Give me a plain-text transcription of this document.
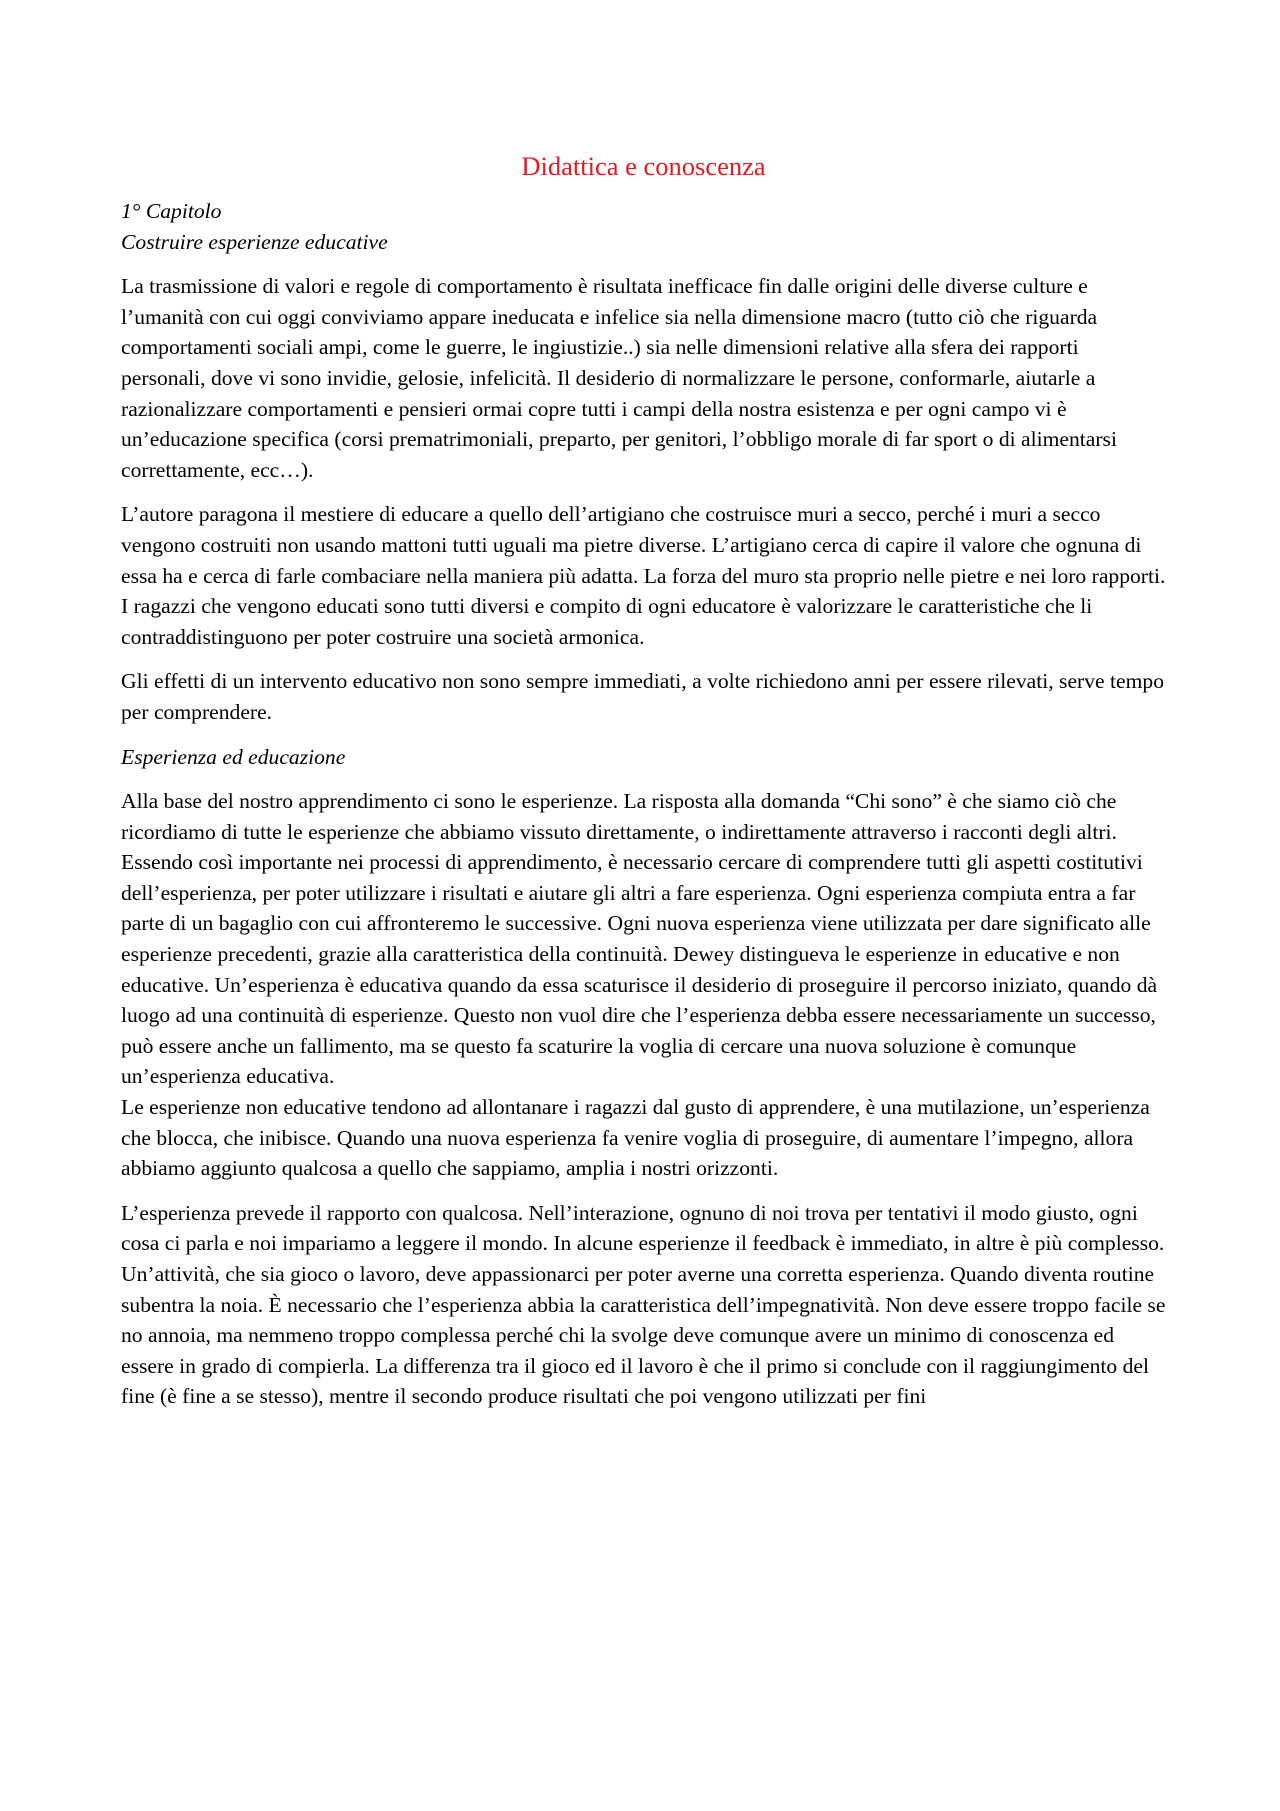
Didattica e conoscenza

1° Capitolo

Costruire esperienze educative

La trasmissione di valori e regole di comportamento è risultata inefficace fin dalle origini delle diverse culture e l’umanità con cui oggi conviviamo appare ineducata e infelice sia nella dimensione macro (tutto ciò che riguarda comportamenti sociali ampi, come le guerre, le ingiustizie..) sia nelle dimensioni relative alla sfera dei rapporti personali, dove vi sono invidie, gelosie, infelicità. Il desiderio di normalizzare le persone, conformarle, aiutarle a razionalizzare comportamenti e pensieri ormai copre tutti i campi della nostra esistenza e per ogni campo vi è un’educazione specifica (corsi prematrimoniali, preparto, per genitori, l’obbligo morale di far sport o di alimentarsi correttamente, ecc…).

L’autore paragona il mestiere di educare a quello dell’artigiano che costruisce muri a secco, perché i muri a secco vengono costruiti non usando mattoni tutti uguali ma pietre diverse. L’artigiano cerca di capire il valore che ognuna di essa ha e cerca di farle combaciare nella maniera più adatta. La forza del muro sta proprio nelle pietre e nei loro rapporti. I ragazzi che vengono educati sono tutti diversi e compito di ogni educatore è valorizzare le caratteristiche che li contraddistinguono per poter costruire una società armonica.

Gli effetti di un intervento educativo non sono sempre immediati, a volte richiedono anni per essere rilevati, serve tempo per comprendere.

Esperienza ed educazione

Alla base del nostro apprendimento ci sono le esperienze. La risposta alla domanda “Chi sono” è che siamo ciò che ricordiamo di tutte le esperienze che abbiamo vissuto direttamente, o indirettamente attraverso i racconti degli altri. Essendo così importante nei processi di apprendimento, è necessario cercare di comprendere tutti gli aspetti costitutivi dell’esperienza, per poter utilizzare i risultati e aiutare gli altri a fare esperienza. Ogni esperienza compiuta entra a far parte di un bagaglio con cui affronteremo le successive. Ogni nuova esperienza viene utilizzata per dare significato alle esperienze precedenti, grazie alla caratteristica della continuità. Dewey distingueva le esperienze in educative e non educative. Un’esperienza è educativa quando da essa scaturisce il desiderio di proseguire il percorso iniziato, quando dà luogo ad una continuità di esperienze. Questo non vuol dire che l’esperienza debba essere necessariamente un successo, può essere anche un fallimento, ma se questo fa scaturire la voglia di cercare una nuova soluzione è comunque un’esperienza educativa.

Le esperienze non educative tendono ad allontanare i ragazzi dal gusto di apprendere, è una mutilazione, un’esperienza che blocca, che inibisce. Quando una nuova esperienza fa venire voglia di proseguire, di aumentare l’impegno, allora abbiamo aggiunto qualcosa a quello che sappiamo, amplia i nostri orizzonti.

L’esperienza prevede il rapporto con qualcosa. Nell’interazione, ognuno di noi trova per tentativi il modo giusto, ogni cosa ci parla e noi impariamo a leggere il mondo. In alcune esperienze il feedback è immediato, in altre è più complesso.

Un’attività, che sia gioco o lavoro, deve appassionarci per poter averne una corretta esperienza. Quando diventa routine subentra la noia. È necessario che l’esperienza abbia la caratteristica dell’impegnatività. Non deve essere troppo facile se no annoia, ma nemmeno troppo complessa perché chi la svolge deve comunque avere un minimo di conoscenza ed essere in grado di compierla. La differenza tra il gioco ed il lavoro è che il primo si conclude con il raggiungimento del fine (è fine a se stesso), mentre il secondo produce risultati che poi vengono utilizzati per fini
